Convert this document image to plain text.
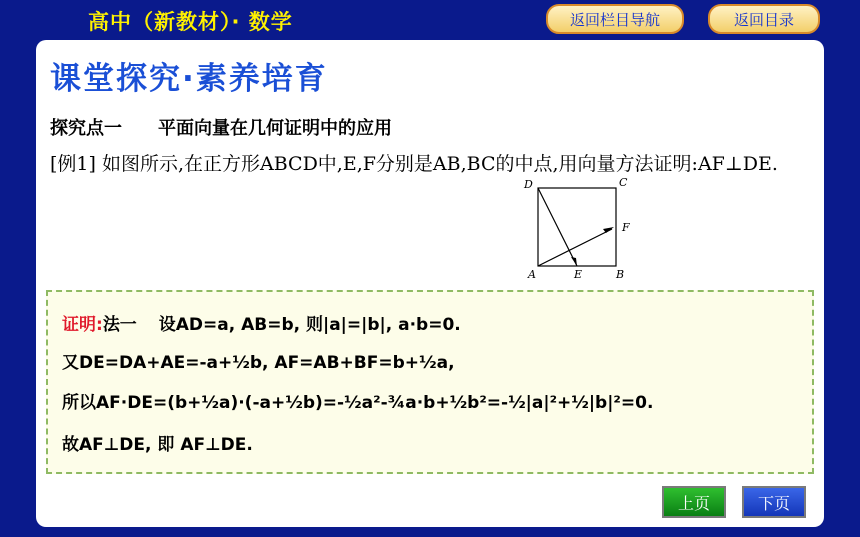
高中（新教材）· 数学	返回栏目导航	返回目录
课堂探究·素养培育
探究点一 平面向量在几何证明中的应用
[例1] 如图所示,在正方形ABCD中,E,F分别是AB,BC的中点,用向量方法证明:AF⊥DE.
D	C
F
A	E	B
证明:法一 设AD=a, AB=b, 则|a|=|b|, a·b=0.
又DE=DA+AE=-a+½b, AF=AB+BF=b+½a,
所以AF·DE=(b+½a)·(-a+½b)=-½a²-¾a·b+½b²=-½|a|²+½|b|²=0.
故AF⊥DE, 即 AF⊥DE.
上页	下页
